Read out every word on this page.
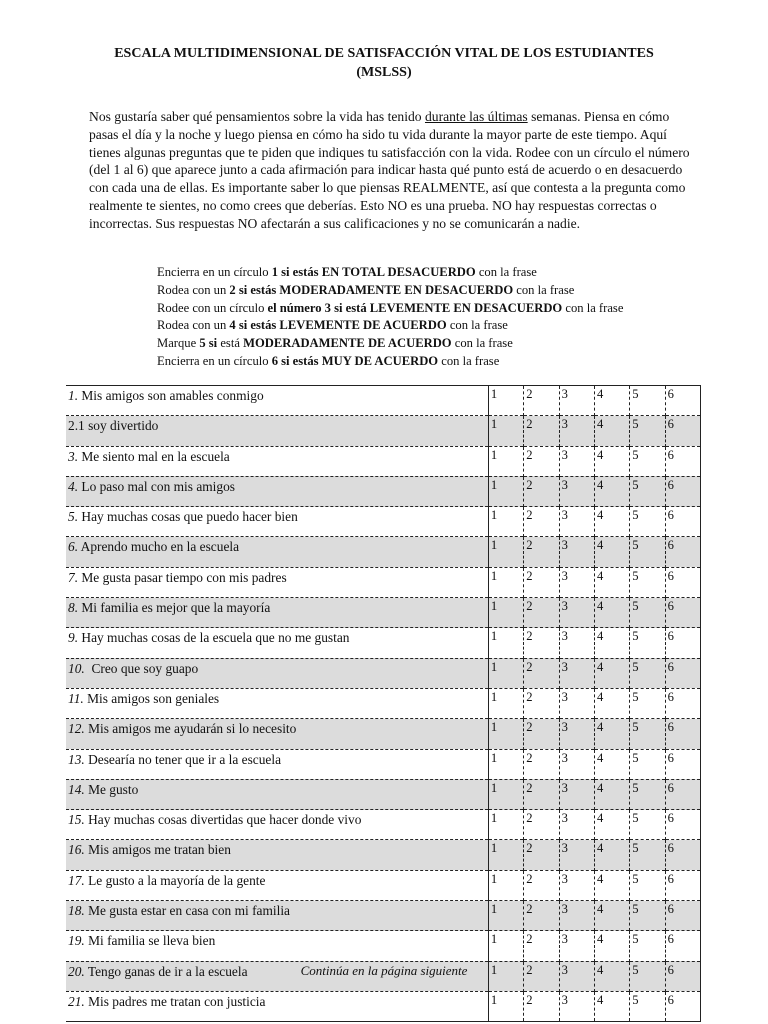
ESCALA MULTIDIMENSIONAL DE SATISFACCIÓN VITAL DE LOS ESTUDIANTES
(MSLSS)
Nos gustaría saber qué pensamientos sobre la vida has tenido durante las últimas semanas. Piensa en cómo pasas el día y la noche y luego piensa en cómo ha sido tu vida durante la mayor parte de este tiempo. Aquí tienes algunas preguntas que te piden que indiques tu satisfacción con la vida. Rodee con un círculo el número (del 1 al 6) que aparece junto a cada afirmación para indicar hasta qué punto está de acuerdo o en desacuerdo con cada una de ellas. Es importante saber lo que piensas REALMENTE, así que contesta a la pregunta como realmente te sientes, no como crees que deberías. Esto NO es una prueba. NO hay respuestas correctas o incorrectas. Sus respuestas NO afectarán a sus calificaciones y no se comunicarán a nadie.
Encierra en un círculo 1 si estás EN TOTAL DESACUERDO con la frase
Rodea con un 2 si estás MODERADAMENTE EN DESACUERDO con la frase
Rodee con un círculo el número 3 si está LEVEMENTE EN DESACUERDO con la frase
Rodea con un 4 si estás LEVEMENTE DE ACUERDO con la frase
Marque 5 si está MODERADAMENTE DE ACUERDO con la frase
Encierra en un círculo 6 si estás MUY DE ACUERDO con la frase
1. Mis amigos son amables conmigo	1	2	3	4	5	6
2.1 soy divertido	1	2	3	4	5	6
3. Me siento mal en la escuela	1	2	3	4	5	6
4. Lo paso mal con mis amigos	1	2	3	4	5	6
5. Hay muchas cosas que puedo hacer bien	1	2	3	4	5	6
6. Aprendo mucho en la escuela	1	2	3	4	5	6
7. Me gusta pasar tiempo con mis padres	1	2	3	4	5	6
8. Mi familia es mejor que la mayoría	1	2	3	4	5	6
9. Hay muchas cosas de la escuela que no me gustan	1	2	3	4	5	6
10.  Creo que soy guapo	1	2	3	4	5	6
11. Mis amigos son geniales	1	2	3	4	5	6
12. Mis amigos me ayudarán si lo necesito	1	2	3	4	5	6
13. Desearía no tener que ir a la escuela	1	2	3	4	5	6
14. Me gusto	1	2	3	4	5	6
15. Hay muchas cosas divertidas que hacer donde vivo	1	2	3	4	5	6
16. Mis amigos me tratan bien	1	2	3	4	5	6
17. Le gusto a la mayoría de la gente	1	2	3	4	5	6
18. Me gusta estar en casa con mi familia	1	2	3	4	5	6
19. Mi familia se lleva bien	1	2	3	4	5	6
20. Tengo ganas de ir a la escuela	1	2	3	4	5	6
21. Mis padres me tratan con justicia	1	2	3	4	5	6
Continúa en la página siguiente
